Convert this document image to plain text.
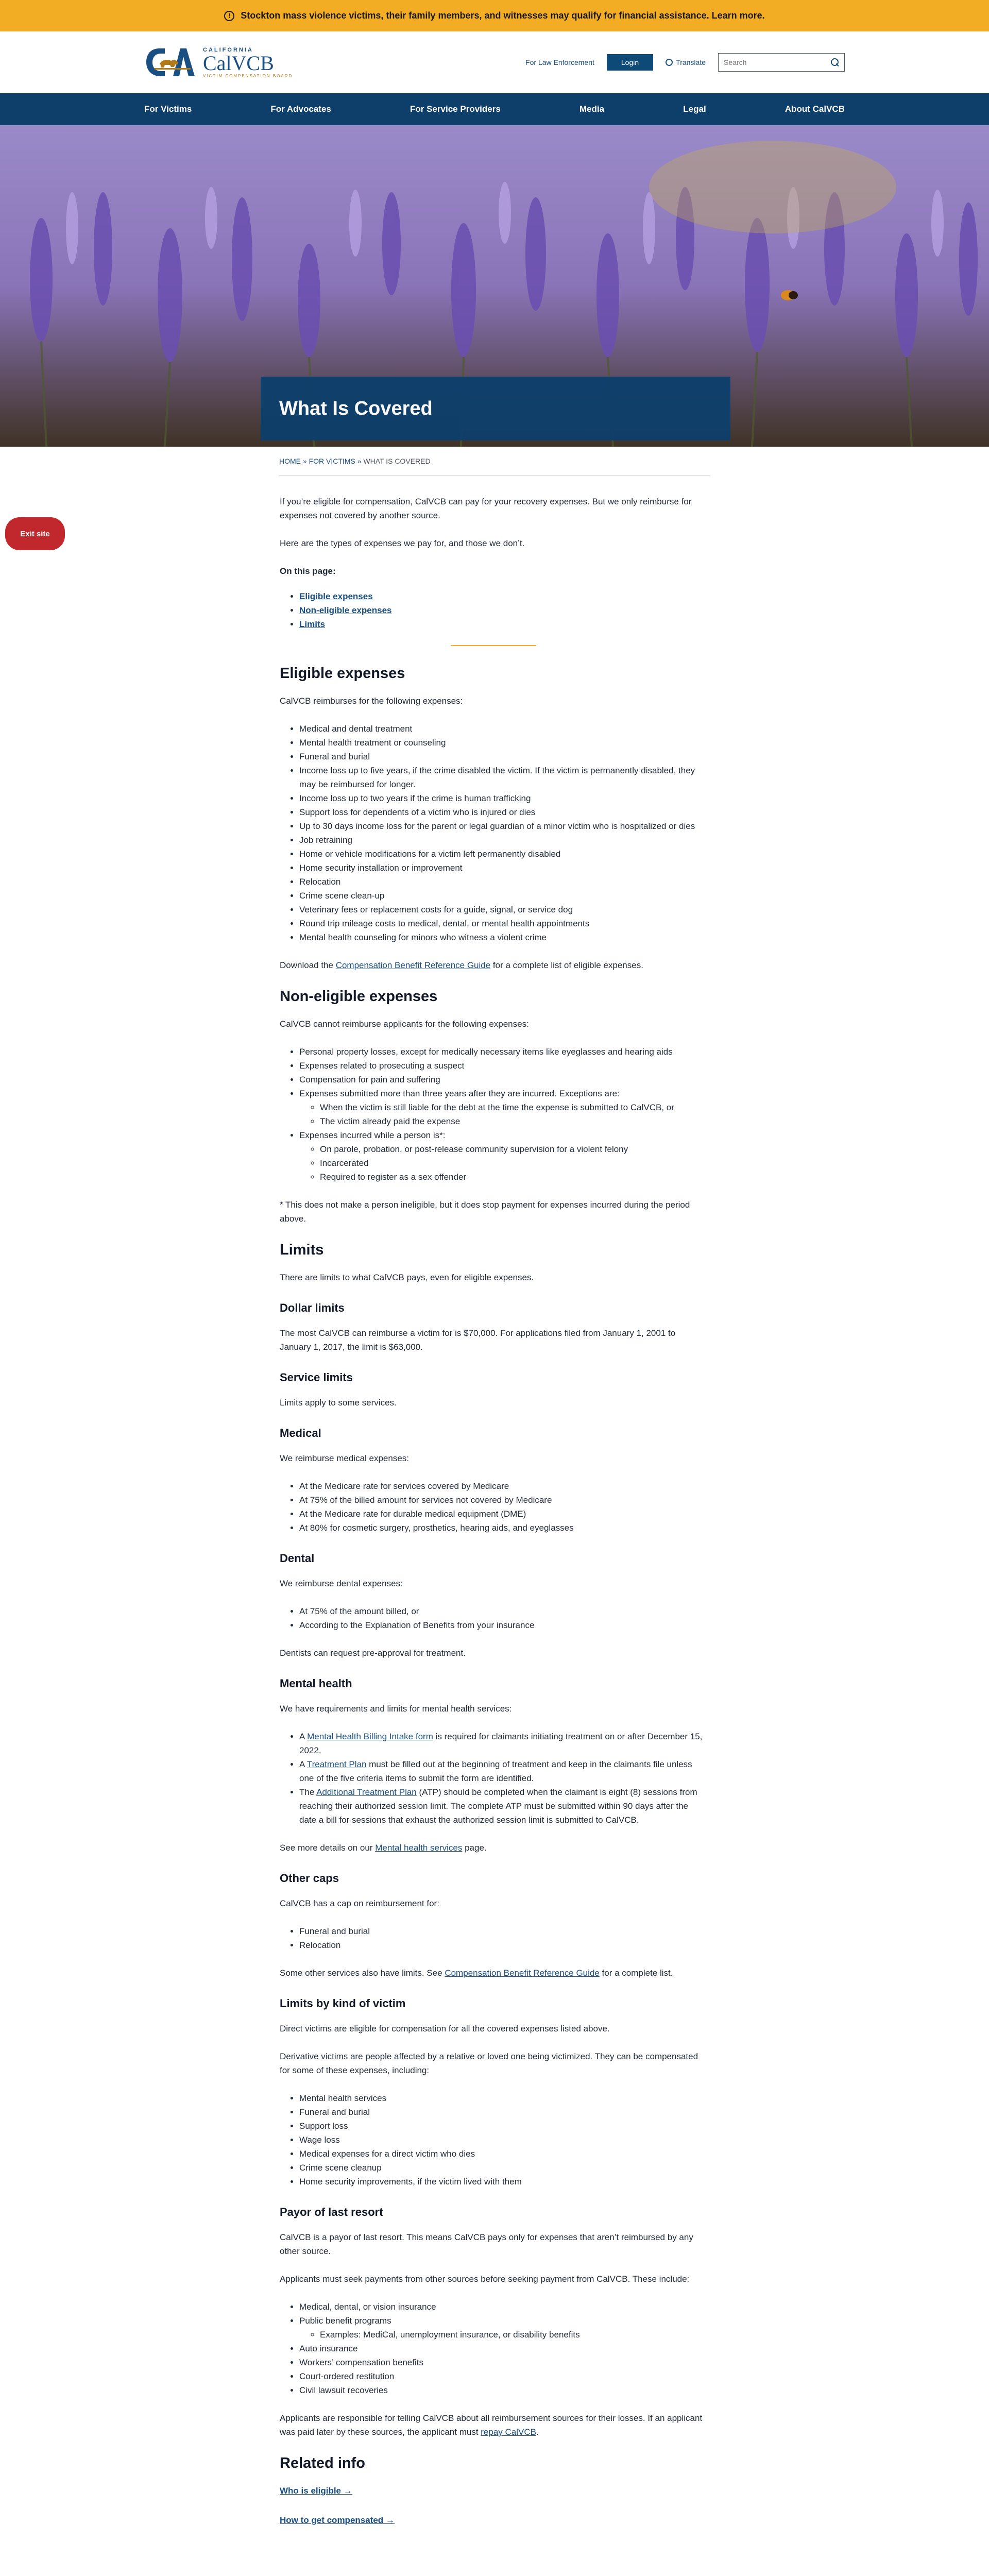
!	Stockton mass violence victims, their family members, and witnesses may qualify for financial assistance. Learn more.
CALIFORNIA
CalVCB
VICTIM COMPENSATION BOARD
For Law Enforcement	Login	Translate
Search
For Victims	For Advocates	For Service Providers	Media	Legal	About CalVCB
What Is Covered
HOME » FOR VICTIMS » WHAT IS COVERED
Exit site

If you’re eligible for compensation, CalVCB can pay for your recovery expenses. But we only reimburse for expenses not covered by another source.

Here are the types of expenses we pay for, and those we don’t.

On this page:

• Eligible expenses
• Non-eligible expenses
• Limits
Eligible expenses

CalVCB reimburses for the following expenses:

• Medical and dental treatment
• Mental health treatment or counseling
• Funeral and burial
• Income loss up to five years, if the crime disabled the victim. If the victim is permanently disabled, they may be reimbursed for longer.
• Income loss up to two years if the crime is human trafficking
• Support loss for dependents of a victim who is injured or dies
• Up to 30 days income loss for the parent or legal guardian of a minor victim who is hospitalized or dies
• Job retraining
• Home or vehicle modifications for a victim left permanently disabled
• Home security installation or improvement
• Relocation
• Crime scene clean-up
• Veterinary fees or replacement costs for a guide, signal, or service dog
• Round trip mileage costs to medical, dental, or mental health appointments
• Mental health counseling for minors who witness a violent crime

Download the Compensation Benefit Reference Guide for a complete list of eligible expenses.

Non-eligible expenses

CalVCB cannot reimburse applicants for the following expenses:

• Personal property losses, except for medically necessary items like eyeglasses and hearing aids
• Expenses related to prosecuting a suspect
• Compensation for pain and suffering
• Expenses submitted more than three years after they are incurred. Exceptions are:
◦ When the victim is still liable for the debt at the time the expense is submitted to CalVCB, or
◦ The victim already paid the expense
• Expenses incurred while a person is*:
◦ On parole, probation, or post-release community supervision for a violent felony
◦ Incarcerated
◦ Required to register as a sex offender

* This does not make a person ineligible, but it does stop payment for expenses incurred during the period above.

Limits

There are limits to what CalVCB pays, even for eligible expenses.

Dollar limits

The most CalVCB can reimburse a victim for is $70,000. For applications filed from January 1, 2001 to January 1, 2017, the limit is $63,000.

Service limits

Limits apply to some services.

Medical

We reimburse medical expenses:

• At the Medicare rate for services covered by Medicare
• At 75% of the billed amount for services not covered by Medicare
• At the Medicare rate for durable medical equipment (DME)
• At 80% for cosmetic surgery, prosthetics, hearing aids, and eyeglasses
Dental

We reimburse dental expenses:

• At 75% of the amount billed, or
• According to the Explanation of Benefits from your insurance

Dentists can request pre-approval for treatment.

Mental health

We have requirements and limits for mental health services:

• A Mental Health Billing Intake form is required for claimants initiating treatment on or after December 15, 2022.
• A Treatment Plan must be filled out at the beginning of treatment and keep in the claimants file unless one of the five criteria items to submit the form are identified.
• The Additional Treatment Plan (ATP) should be completed when the claimant is eight (8) sessions from reaching their authorized session limit. The complete ATP must be submitted within 90 days after the date a bill for sessions that exhaust the authorized session limit is submitted to CalVCB.

See more details on our Mental health services page.

Other caps

CalVCB has a cap on reimbursement for:

• Funeral and burial
• Relocation

Some other services also have limits. See Compensation Benefit Reference Guide for a complete list.

Limits by kind of victim

Direct victims are eligible for compensation for all the covered expenses listed above.

Derivative victims are people affected by a relative or loved one being victimized. They can be compensated for some of these expenses, including:

• Mental health services
• Funeral and burial
• Support loss
• Wage loss
• Medical expenses for a direct victim who dies
• Crime scene cleanup
• Home security improvements, if the victim lived with them
Payor of last resort

CalVCB is a payor of last resort. This means CalVCB pays only for expenses that aren’t reimbursed by any other source.

Applicants must seek payments from other sources before seeking payment from CalVCB. These include:

• Medical, dental, or vision insurance
• Public benefit programs
◦ Examples: MediCal, unemployment insurance, or disability benefits
• Auto insurance
• Workers’ compensation benefits
• Court-ordered restitution
• Civil lawsuit recoveries

Applicants are responsible for telling CalVCB about all reimbursement sources for their losses. If an applicant was paid later by these sources, the applicant must repay CalVCB.

Related info
Who is eligible →
How to get compensated →
